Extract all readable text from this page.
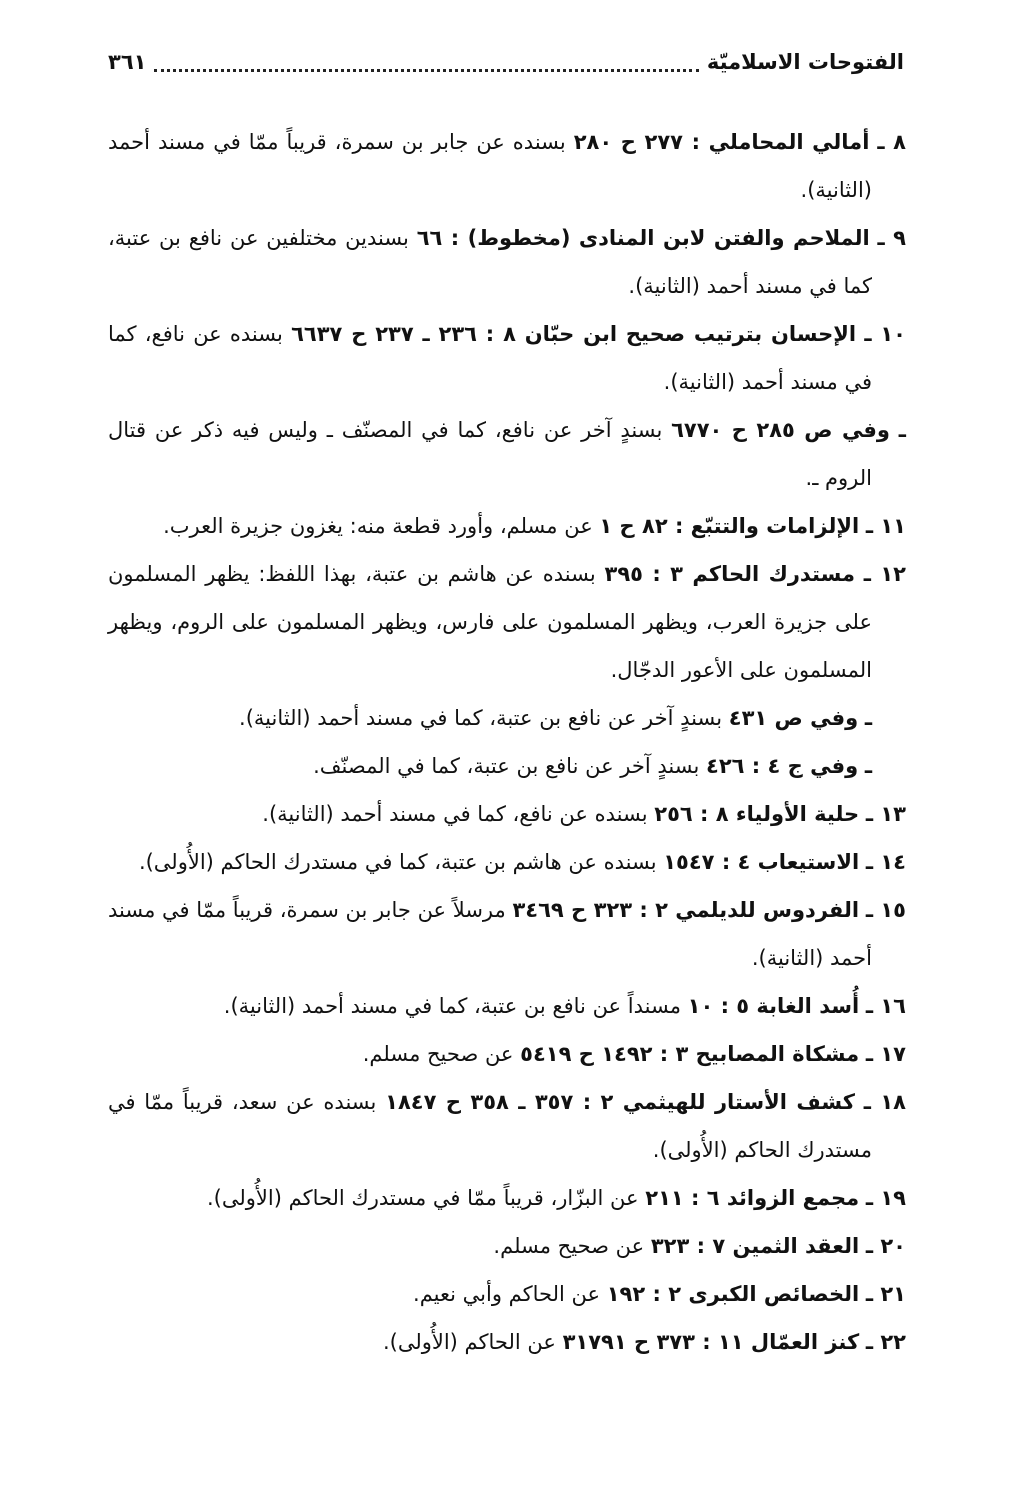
الفتوحات الاسلاميّة
٣٦١

٨ ـ أمالي المحاملي : ٢٧٧ ح ٢٨٠ بسنده عن جابر بن سمرة، قريباً ممّا في مسند أحمد (الثانية).

٩ ـ الملاحم والفتن لابن المنادى (مخطوط) : ٦٦ بسندين مختلفين عن نافع بن عتبة، كما في مسند أحمد (الثانية).

١٠ ـ الإحسان بترتيب صحيح ابن حبّان ٨ : ٢٣٦ ـ ٢٣٧ ح ٦٦٣٧ بسنده عن نافع، كما في مسند أحمد (الثانية).

ـ وفي ص ٢٨٥ ح ٦٧٧٠ بسندٍ آخر عن نافع، كما في المصنّف ـ وليس فيه ذكر عن قتال الروم ـ.

١١ ـ الإلزامات والتتبّع : ٨٢ ح ١ عن مسلم، وأورد قطعة منه: يغزون جزيرة العرب.

١٢ ـ مستدرك الحاكم ٣ : ٣٩٥ بسنده عن هاشم بن عتبة، بهذا اللفظ: يظهر المسلمون على جزيرة العرب، ويظهر المسلمون على فارس، ويظهر المسلمون على الروم، ويظهر المسلمون على الأعور الدجّال.

ـ وفي ص ٤٣١ بسندٍ آخر عن نافع بن عتبة، كما في مسند أحمد (الثانية).

ـ وفي ج ٤ : ٤٢٦ بسندٍ آخر عن نافع بن عتبة، كما في المصنّف.

١٣ ـ حلية الأولياء ٨ : ٢٥٦ بسنده عن نافع، كما في مسند أحمد (الثانية).

١٤ ـ الاستيعاب ٤ : ١٥٤٧ بسنده عن هاشم بن عتبة، كما في مستدرك الحاكم (الأُولى).

١٥ ـ الفردوس للديلمي ٢ : ٣٢٣ ح ٣٤٦٩ مرسلاً عن جابر بن سمرة، قريباً ممّا في مسند أحمد (الثانية).

١٦ ـ أُسد الغابة ٥ : ١٠ مسنداً عن نافع بن عتبة، كما في مسند أحمد (الثانية).

١٧ ـ مشكاة المصابيح ٣ : ١٤٩٢ ح ٥٤١٩ عن صحيح مسلم.

١٨ ـ كشف الأستار للهيثمي ٢ : ٣٥٧ ـ ٣٥٨ ح ١٨٤٧ بسنده عن سعد، قريباً ممّا في مستدرك الحاكم (الأُولى).

١٩ ـ مجمع الزوائد ٦ : ٢١١ عن البزّار، قريباً ممّا في مستدرك الحاكم (الأُولى).

٢٠ ـ العقد الثمين ٧ : ٣٢٣ عن صحيح مسلم.

٢١ ـ الخصائص الكبرى ٢ : ١٩٢ عن الحاكم وأبي نعيم.

٢٢ ـ كنز العمّال ١١ : ٣٧٣ ح ٣١٧٩١ عن الحاكم (الأُولى).
